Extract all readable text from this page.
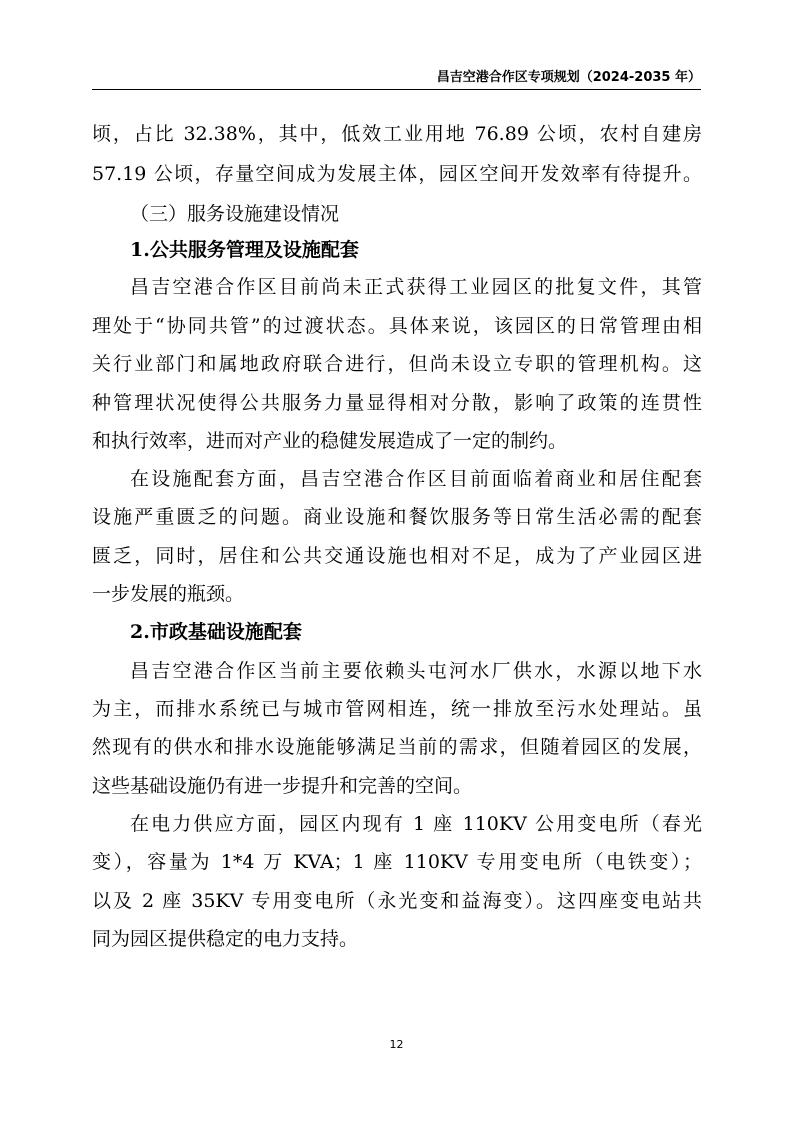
昌吉空港合作区专项规划（2024-2035 年）
顷，占比 32.38%，其中，低效工业用地 76.89 公顷，农村自建房
57.19 公顷，存量空间成为发展主体，园区空间开发效率有待提升。
（三）服务设施建设情况
1.公共服务管理及设施配套
昌吉空港合作区目前尚未正式获得工业园区的批复文件，其管
理处于“协同共管”的过渡状态。具体来说，该园区的日常管理由相
关行业部门和属地政府联合进行，但尚未设立专职的管理机构。这
种管理状况使得公共服务力量显得相对分散，影响了政策的连贯性
和执行效率，进而对产业的稳健发展造成了一定的制约。
在设施配套方面，昌吉空港合作区目前面临着商业和居住配套
设施严重匮乏的问题。商业设施和餐饮服务等日常生活必需的配套
匮乏，同时，居住和公共交通设施也相对不足，成为了产业园区进
一步发展的瓶颈。
2.市政基础设施配套
昌吉空港合作区当前主要依赖头屯河水厂供水，水源以地下水
为主，而排水系统已与城市管网相连，统一排放至污水处理站。虽
然现有的供水和排水设施能够满足当前的需求，但随着园区的发展，
这些基础设施仍有进一步提升和完善的空间。
在电力供应方面，园区内现有 1 座 110KV 公用变电所（春光
变），容量为 1*4 万 KVA；1 座 110KV 专用变电所（电铁变）；
以及 2 座 35KV 专用变电所（永光变和益海变）。这四座变电站共
同为园区提供稳定的电力支持。
12
